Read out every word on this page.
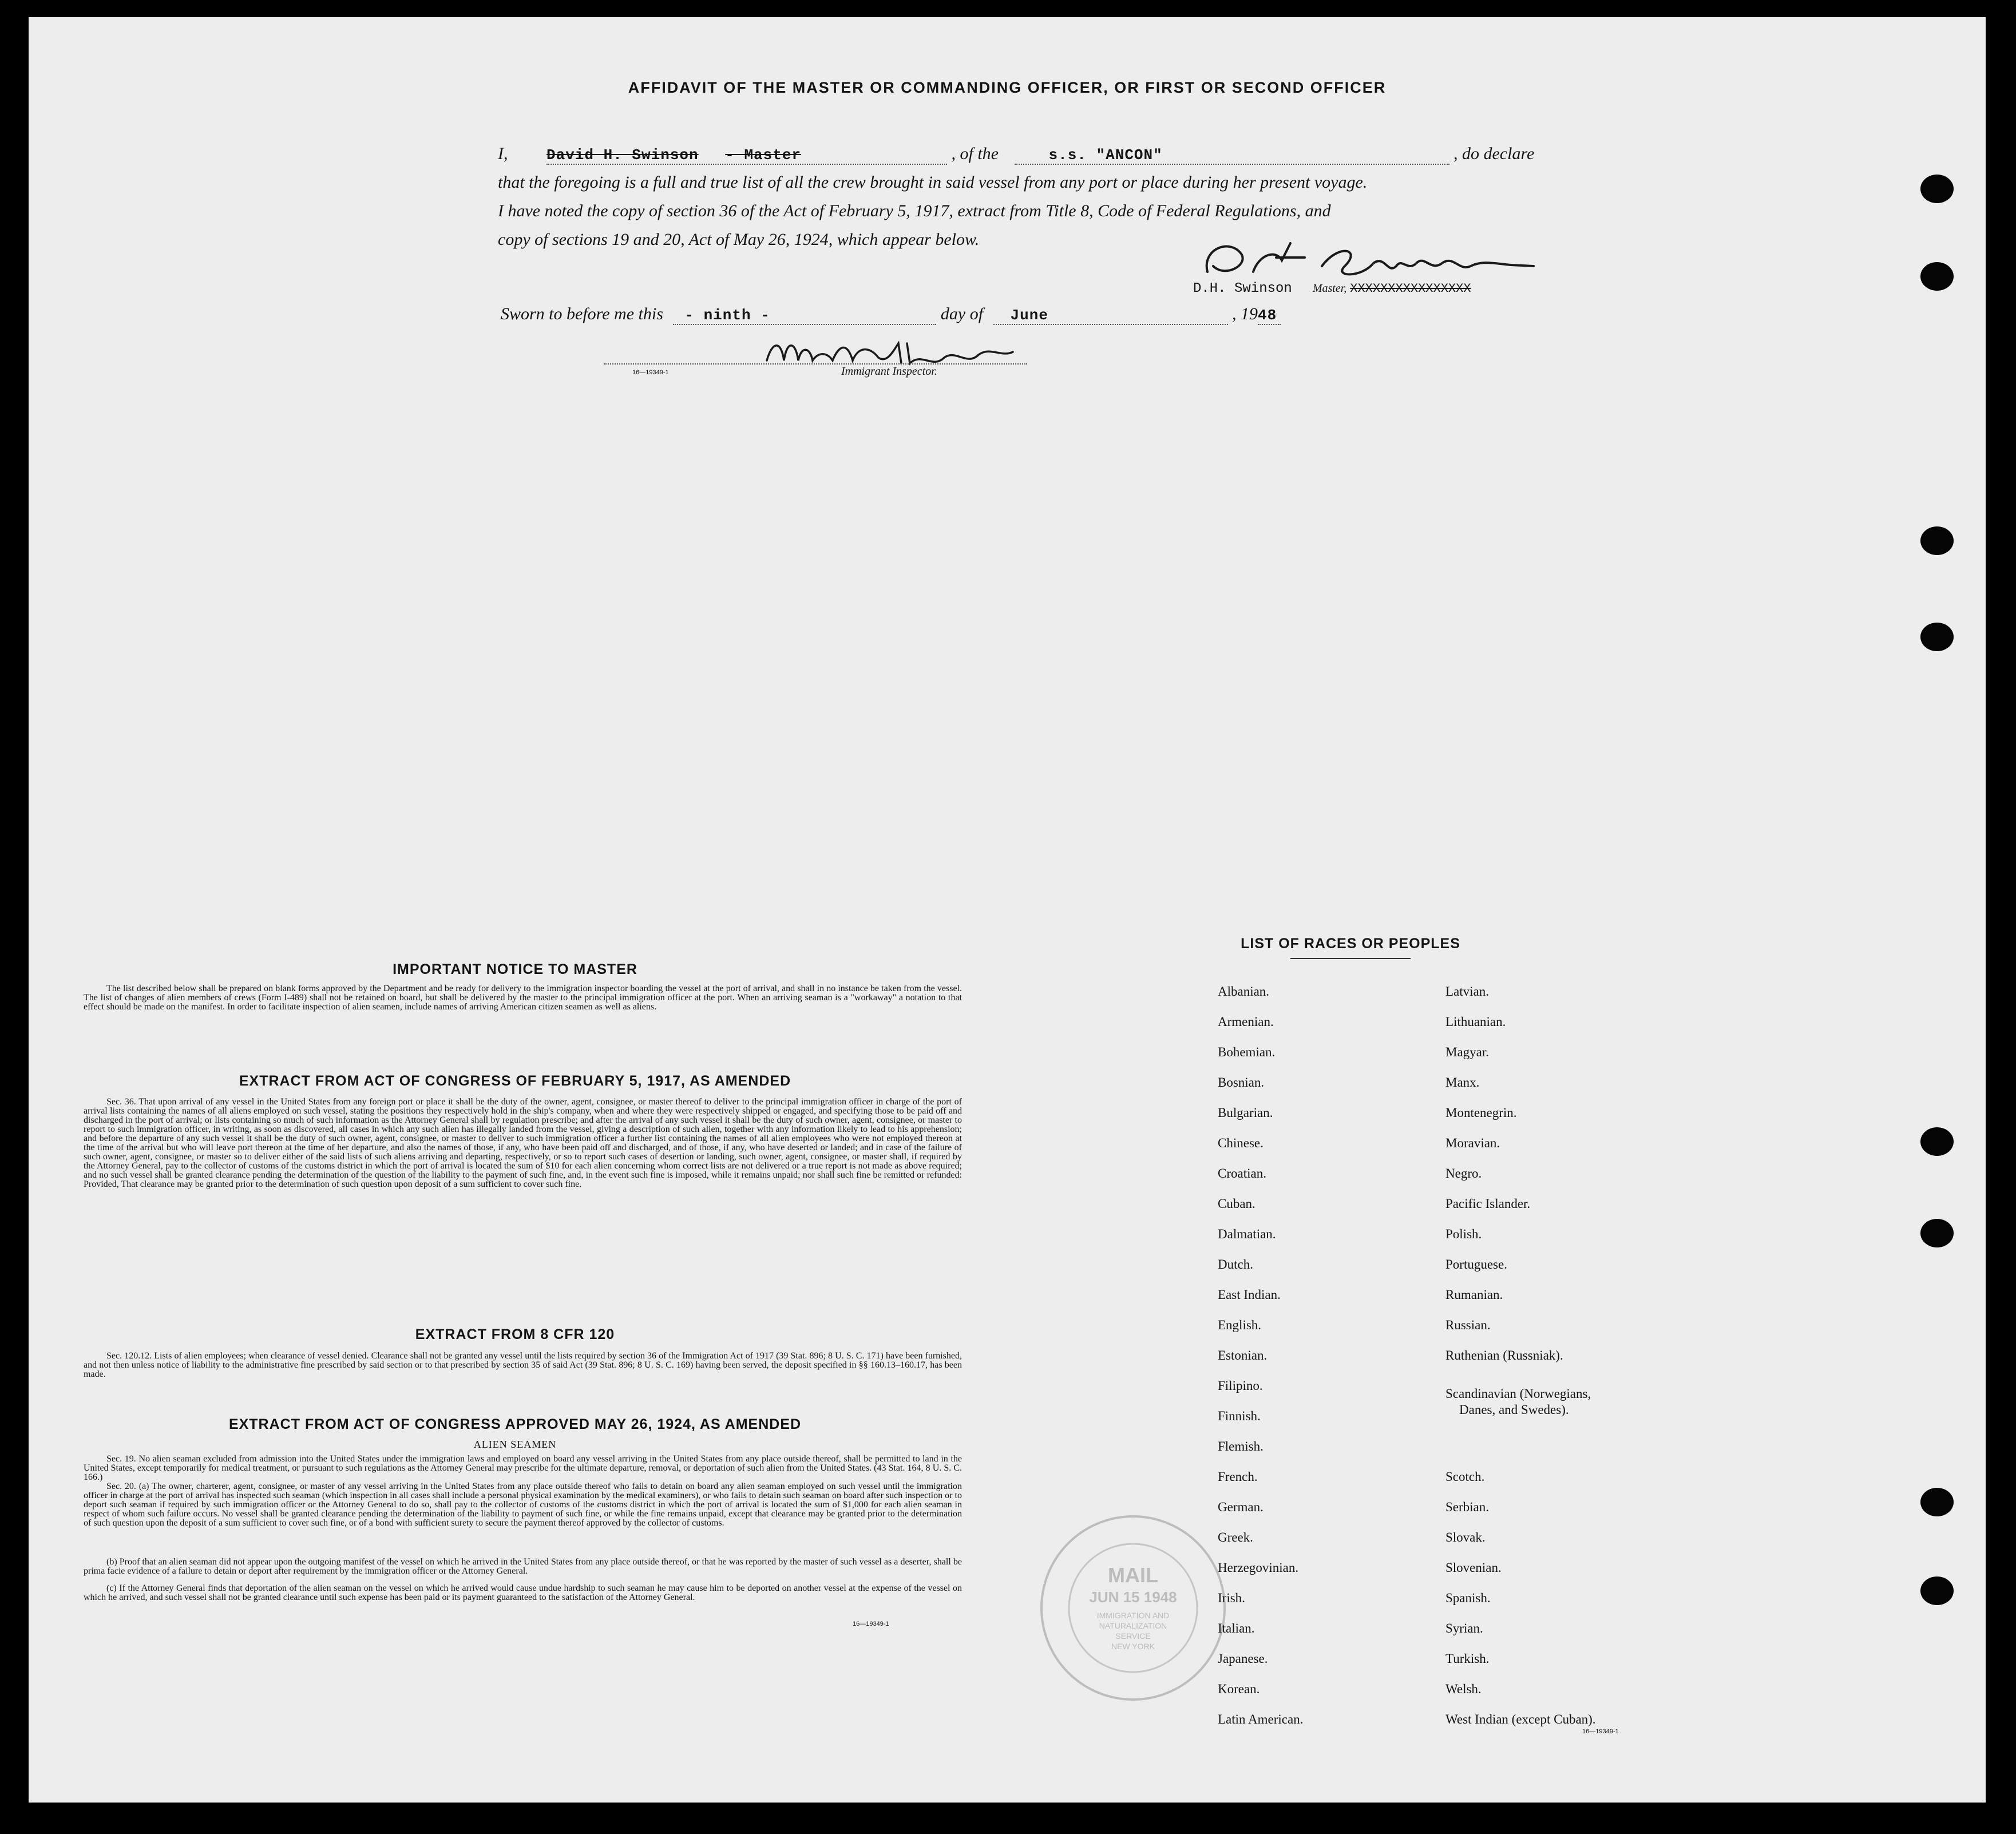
AFFIDAVIT OF THE MASTER OR COMMANDING OFFICER, OR FIRST OR SECOND OFFICER
I,	David H. Swinson - Master	, of the	s.s. "ANCON"	, do declare
that the foregoing is a full and true list of all the crew brought in said vessel from any port or place during her present voyage.
I have noted the copy of section 36 of the Act of February 5, 1917, extract from Title 8, Code of Federal Regulations, and
copy of sections 19 and 20, Act of May 26, 1924, which appear below.
D.H. Swinson Master, XXXXXXXXXXXXXXXX
Sworn to before me this - ninth -	day of June	, 1948
Immigrant Inspector.
16—19349-1
IMPORTANT NOTICE TO MASTER

The list described below shall be prepared on blank forms approved by the Department and be ready for delivery to the immigration inspector boarding the vessel at the port of arrival, and shall in no instance be taken from the vessel. The list of changes of alien members of crews (Form I-489) shall not be retained on board, but shall be delivered by the master to the principal immigration officer at the port. When an arriving seaman is a "workaway" a notation to that effect should be made on the manifest. In order to facilitate inspection of alien seamen, include names of arriving American citizen seamen as well as aliens.

EXTRACT FROM ACT OF CONGRESS OF FEBRUARY 5, 1917, AS AMENDED

Sec. 36. That upon arrival of any vessel in the United States from any foreign port or place it shall be the duty of the owner, agent, consignee, or master thereof to deliver to the principal immigration officer in charge of the port of arrival lists containing the names of all aliens employed on such vessel, stating the positions they respectively hold in the ship's company, when and where they were respectively shipped or engaged, and specifying those to be paid off and discharged in the port of arrival; or lists containing so much of such information as the Attorney General shall by regulation prescribe; and after the arrival of any such vessel it shall be the duty of such owner, agent, consignee, or master to report to such immigration officer, in writing, as soon as discovered, all cases in which any such alien has illegally landed from the vessel, giving a description of such alien, together with any information likely to lead to his apprehension; and before the departure of any such vessel it shall be the duty of such owner, agent, consignee, or master to deliver to such immigration officer a further list containing the names of all alien employees who were not employed thereon at the time of the arrival but who will leave port thereon at the time of her departure, and also the names of those, if any, who have been paid off and discharged, and of those, if any, who have deserted or landed; and in case of the failure of such owner, agent, consignee, or master so to deliver either of the said lists of such aliens arriving and departing, respectively, or so to report such cases of desertion or landing, such owner, agent, consignee, or master shall, if required by the Attorney General, pay to the collector of customs of the customs district in which the port of arrival is located the sum of $10 for each alien concerning whom correct lists are not delivered or a true report is not made as above required; and no such vessel shall be granted clearance pending the determination of the question of the liability to the payment of such fine, and, in the event such fine is imposed, while it remains unpaid; nor shall such fine be remitted or refunded: Provided, That clearance may be granted prior to the determination of such question upon deposit of a sum sufficient to cover such fine.

EXTRACT FROM 8 CFR 120

Sec. 120.12. Lists of alien employees; when clearance of vessel denied. Clearance shall not be granted any vessel until the lists required by section 36 of the Immigration Act of 1917 (39 Stat. 896; 8 U. S. C. 171) have been furnished, and not then unless notice of liability to the administrative fine prescribed by said section or to that prescribed by section 35 of said Act (39 Stat. 896; 8 U. S. C. 169) having been served, the deposit specified in §§ 160.13–160.17, has been made.

EXTRACT FROM ACT OF CONGRESS APPROVED MAY 26, 1924, AS AMENDED
ALIEN SEAMEN

Sec. 19. No alien seaman excluded from admission into the United States under the immigration laws and employed on board any vessel arriving in the United States from any place outside thereof, shall be permitted to land in the United States, except temporarily for medical treatment, or pursuant to such regulations as the Attorney General may prescribe for the ultimate departure, removal, or deportation of such alien from the United States. (43 Stat. 164, 8 U. S. C. 166.)

Sec. 20. (a) The owner, charterer, agent, consignee, or master of any vessel arriving in the United States from any place outside thereof who fails to detain on board any alien seaman employed on such vessel until the immigration officer in charge at the port of arrival has inspected such seaman (which inspection in all cases shall include a personal physical examination by the medical examiners), or who fails to detain such seaman on board after such inspection or to deport such seaman if required by such immigration officer or the Attorney General to do so, shall pay to the collector of customs of the customs district in which the port of arrival is located the sum of $1,000 for each alien seaman in respect of whom such failure occurs. No vessel shall be granted clearance pending the determination of the liability to payment of such fine, or while the fine remains unpaid, except that clearance may be granted prior to the determination of such question upon the deposit of a sum sufficient to cover such fine, or of a bond with sufficient surety to secure the payment thereof approved by the collector of customs.

(b) Proof that an alien seaman did not appear upon the outgoing manifest of the vessel on which he arrived in the United States from any place outside thereof, or that he was reported by the master of such vessel as a deserter, shall be prima facie evidence of a failure to detain or deport after requirement by the immigration officer or the Attorney General.

(c) If the Attorney General finds that deportation of the alien seaman on the vessel on which he arrived would cause undue hardship to such seaman he may cause him to be deported on another vessel at the expense of the vessel on which he arrived, and such vessel shall not be granted clearance until such expense has been paid or its payment guaranteed to the satisfaction of the Attorney General.

16—19349-1
LIST OF RACES OR PEOPLES
16—19349-1
MAIL
JUN 15 1948
IMMIGRATION AND
NATURALIZATION
SERVICE
NEW YORK
Albanian.
Armenian.
Bohemian.
Bosnian.
Bulgarian.
Chinese.
Croatian.
Cuban.
Dalmatian.
Dutch.
East Indian.
English.
Estonian.
Filipino.
Finnish.
Flemish.
French.
German.
Greek.
Herzegovinian.
Irish.
Italian.
Japanese.
Korean.
Latin American.
Latvian.
Lithuanian.
Magyar.
Manx.
Montenegrin.
Moravian.
Negro.
Pacific Islander.
Polish.
Portuguese.
Rumanian.
Russian.
Ruthenian (Russniak).
Scandinavian (Norwegians,
Danes, and Swedes).
Scotch.
Serbian.
Slovak.
Slovenian.
Spanish.
Syrian.
Turkish.
Welsh.
West Indian (except Cuban).
